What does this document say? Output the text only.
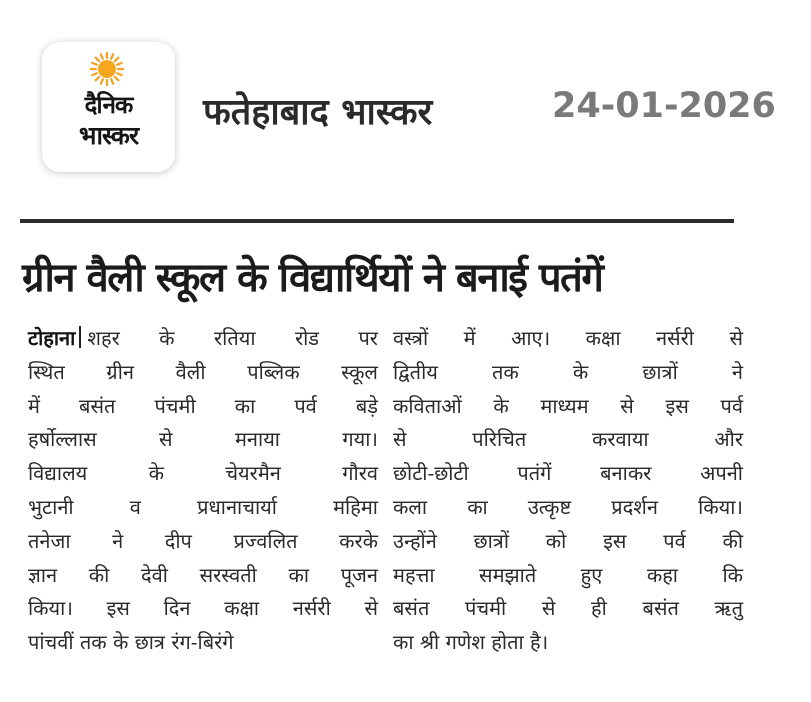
दैनिक
भास्कर
फतेहाबाद भास्कर	24-01-2026
ग्रीन वैली स्कूल के विद्यार्थियों ने बनाई पतंगें
टोहाना शहर के रतिया रोड पर
स्थित ग्रीन वैली पब्लिक स्कूल
में बसंत पंचमी का पर्व बड़े
हर्षोल्लास से मनाया गया।
विद्यालय के चेयरमैन गौरव
भुटानी व प्रधानाचार्या महिमा
तनेजा ने दीप प्रज्वलित करके
ज्ञान की देवी सरस्वती का पूजन
किया। इस दिन कक्षा नर्सरी से
पांचवीं तक के छात्र रंग-बिरंगे
वस्त्रों में आए। कक्षा नर्सरी से
द्वितीय तक के छात्रों ने
कविताओं के माध्यम से इस पर्व
से परिचित करवाया और
छोटी-छोटी पतंगें बनाकर अपनी
कला का उत्कृष्ट प्रदर्शन किया।
उन्होंने छात्रों को इस पर्व की
महत्ता समझाते हुए कहा कि
बसंत पंचमी से ही बसंत ऋतु
का श्री गणेश होता है।
